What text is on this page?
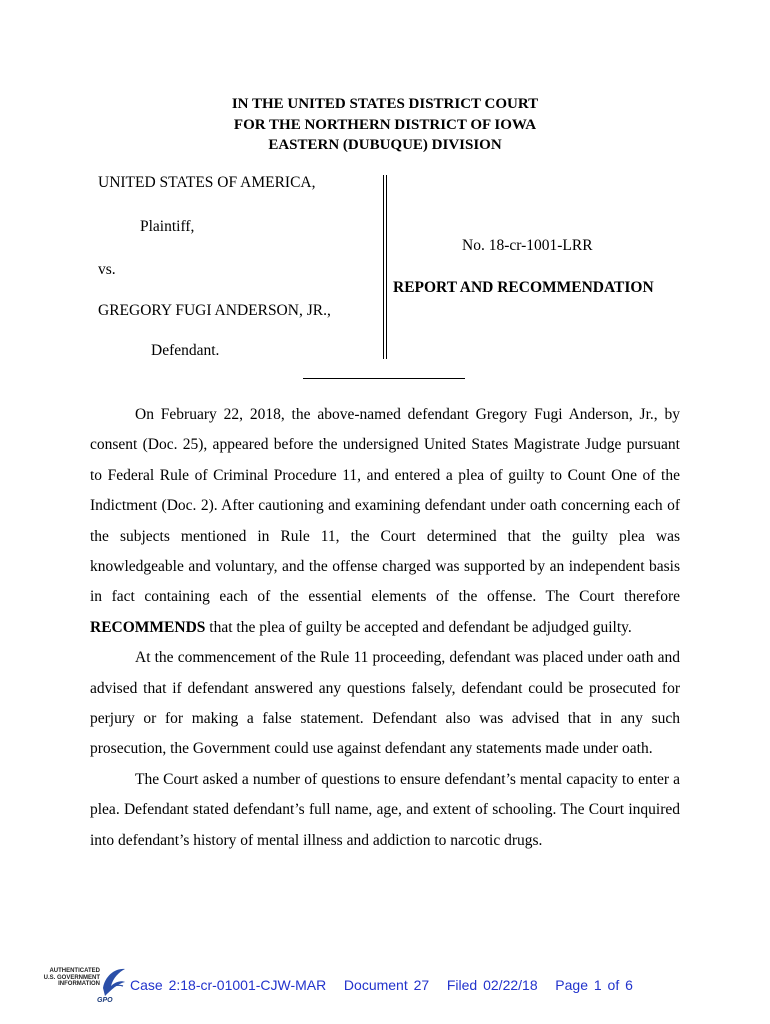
IN THE UNITED STATES DISTRICT COURT
FOR THE NORTHERN DISTRICT OF IOWA
EASTERN (DUBUQUE) DIVISION
UNITED STATES OF AMERICA,
Plaintiff,
vs.
GREGORY FUGI ANDERSON, JR.,
Defendant.
No. 18-cr-1001-LRR
REPORT AND RECOMMENDATION

On February 22, 2018, the above-named defendant Gregory Fugi Anderson, Jr., by consent (Doc. 25), appeared before the undersigned United States Magistrate Judge pursuant to Federal Rule of Criminal Procedure 11, and entered a plea of guilty to Count One of the Indictment (Doc. 2). After cautioning and examining defendant under oath concerning each of the subjects mentioned in Rule 11, the Court determined that the guilty plea was knowledgeable and voluntary, and the offense charged was supported by an independent basis in fact containing each of the essential elements of the offense. The Court therefore RECOMMENDS that the plea of guilty be accepted and defendant be adjudged guilty.

At the commencement of the Rule 11 proceeding, defendant was placed under oath and advised that if defendant answered any questions falsely, defendant could be prosecuted for perjury or for making a false statement. Defendant also was advised that in any such prosecution, the Government could use against defendant any statements made under oath.

The Court asked a number of questions to ensure defendant’s mental capacity to enter a plea. Defendant stated defendant’s full name, age, and extent of schooling. The Court inquired into defendant’s history of mental illness and addiction to narcotic drugs.

AUTHENTICATED
U.S. GOVERNMENT
INFORMATION
GPO
Case 2:18-cr-01001-CJW-MAR Document 27 Filed 02/22/18 Page 1 of 6
